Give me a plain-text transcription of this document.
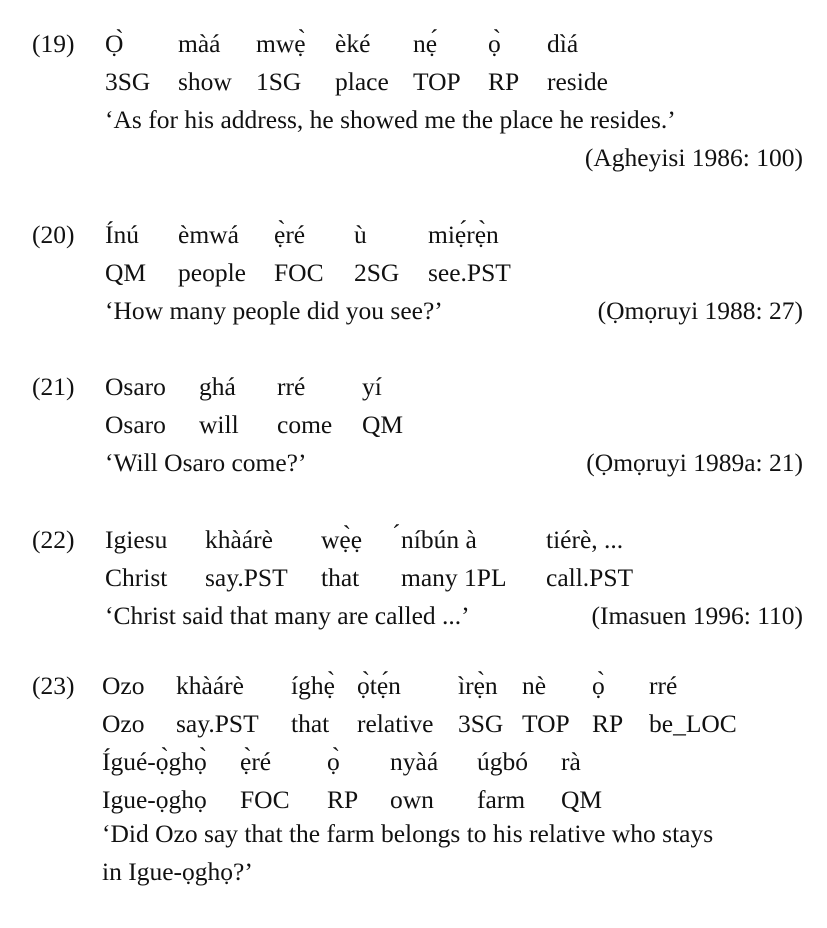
(19) Ọ̀ màá mwẹ̀ èké nẹ́ ọ̀ dìá
3SG show 1SG place TOP RP reside
‘As for his address, he showed me the place he resides.’
(Agheyisi 1986: 100)
(20) Ínú èmwá ẹ̀ré ù miẹ́rẹ̀n
QM people FOC 2SG see.PST
‘How many people did you see?’	(Ọmọruyi 1988: 27)
(21) Osaro ghá rré yí
Osaro will come QM
‘Will Osaro come?’	(Ọmọruyi 1989a: 21)
(22) Igiesu khàárè wẹ̀ẹ ´ níbún à	tiérè, ...
Christ say.PST that many 1PL call.PST
‘Christ said that many are called ...’	(Imasuen 1996: 110)
(23) Ozo khàárè íghẹ̀ ọ̀tẹ́n ìrẹ̀n nè ọ̀ rré
Ozo say.PST that relative 3SG TOP RP be_LOC
Ígué-ọ̀ghọ̀ ẹ̀ré ọ̀ nyàá úgbó rà
Igue-ọghọ FOC RP own farm QM
‘Did Ozo say that the farm belongs to his relative who stays
in Igue-ọghọ?’
